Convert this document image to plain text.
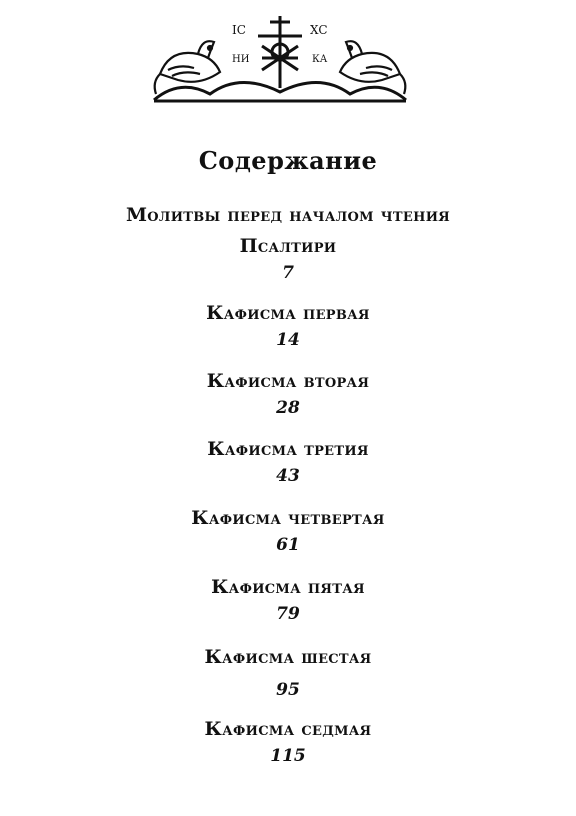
IC	XC
НИ	КА
Содержание
Молитвы перед началом чтения Псалтири
7
Кафисма первая
14
Кафисма вторая
28
Кафисма третия
43
Кафисма четвертая
61
Кафисма пятая
79
Кафисма шестая
95
Кафисма седмая
115
